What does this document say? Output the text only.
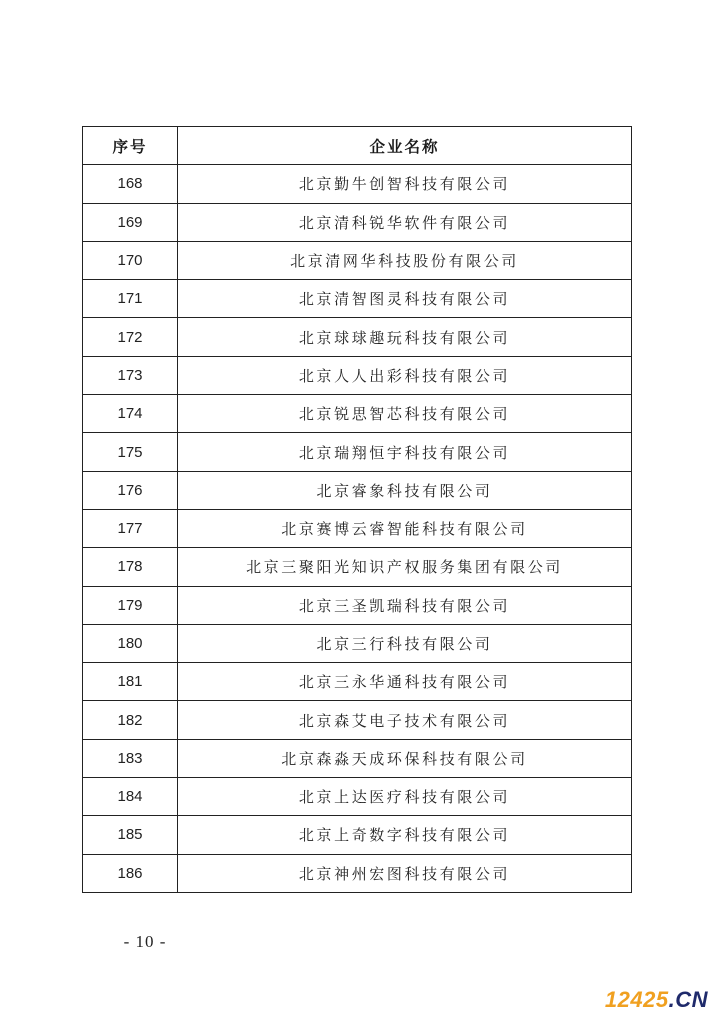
序号	企业名称
168	北京勤牛创智科技有限公司
169	北京清科锐华软件有限公司
170	北京清网华科技股份有限公司
171	北京清智图灵科技有限公司
172	北京球球趣玩科技有限公司
173	北京人人出彩科技有限公司
174	北京锐思智芯科技有限公司
175	北京瑞翔恒宇科技有限公司
176	北京睿象科技有限公司
177	北京赛博云睿智能科技有限公司
178	北京三聚阳光知识产权服务集团有限公司
179	北京三圣凯瑞科技有限公司
180	北京三行科技有限公司
181	北京三永华通科技有限公司
182	北京森艾电子技术有限公司
183	北京森淼天成环保科技有限公司
184	北京上达医疗科技有限公司
185	北京上奇数字科技有限公司
186	北京神州宏图科技有限公司
- 10 -
12425.CN
